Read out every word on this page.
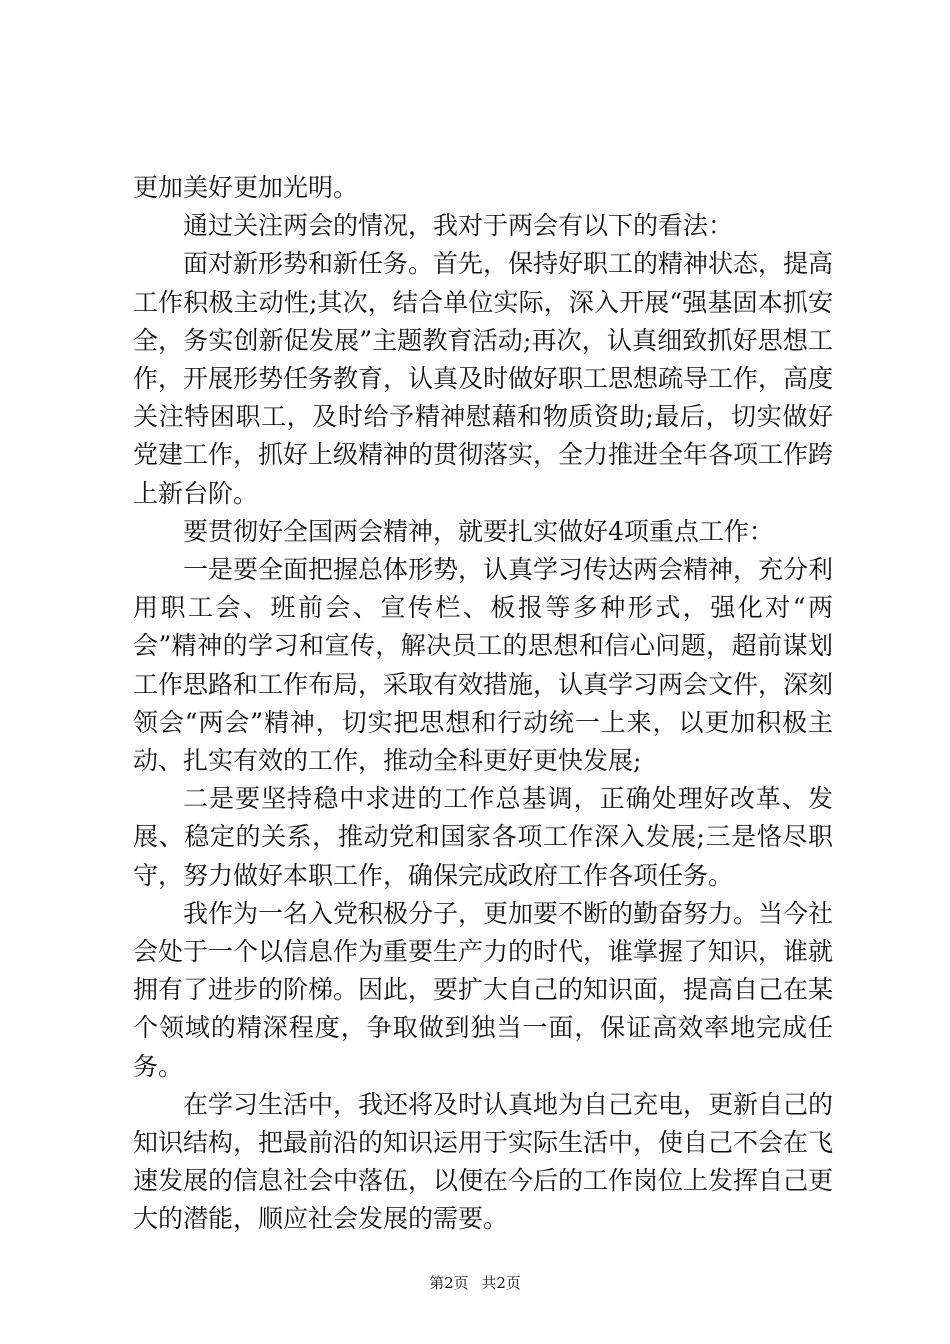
更加美好更加光明。

通过关注两会的情况，我对于两会有以下的看法：

面对新形势和新任务。首先，保持好职工的精神状态，提高工作积极主动性;其次，结合单位实际，深入开展“强基固本抓安全，务实创新促发展”主题教育活动;再次，认真细致抓好思想工作，开展形势任务教育，认真及时做好职工思想疏导工作，高度关注特困职工，及时给予精神慰藉和物质资助;最后，切实做好党建工作，抓好上级精神的贯彻落实，全力推进全年各项工作跨上新台阶。

要贯彻好全国两会精神，就要扎实做好4项重点工作：

一是要全面把握总体形势，认真学习传达两会精神，充分利用职工会、班前会、宣传栏、板报等多种形式，强化对“两会”精神的学习和宣传，解决员工的思想和信心问题，超前谋划工作思路和工作布局，采取有效措施，认真学习两会文件，深刻领会“两会”精神，切实把思想和行动统一上来，以更加积极主动、扎实有效的工作，推动全科更好更快发展;

二是要坚持稳中求进的工作总基调，正确处理好改革、发展、稳定的关系，推动党和国家各项工作深入发展;三是恪尽职守，努力做好本职工作，确保完成政府工作各项任务。

我作为一名入党积极分子，更加要不断的勤奋努力。当今社会处于一个以信息作为重要生产力的时代，谁掌握了知识，谁就拥有了进步的阶梯。因此，要扩大自己的知识面，提高自己在某个领域的精深程度，争取做到独当一面，保证高效率地完成任务。

在学习生活中，我还将及时认真地为自己充电，更新自己的知识结构，把最前沿的知识运用于实际生活中，使自己不会在飞速发展的信息社会中落伍，以便在今后的工作岗位上发挥自己更大的潜能，顺应社会发展的需要。

第2页 共2页
